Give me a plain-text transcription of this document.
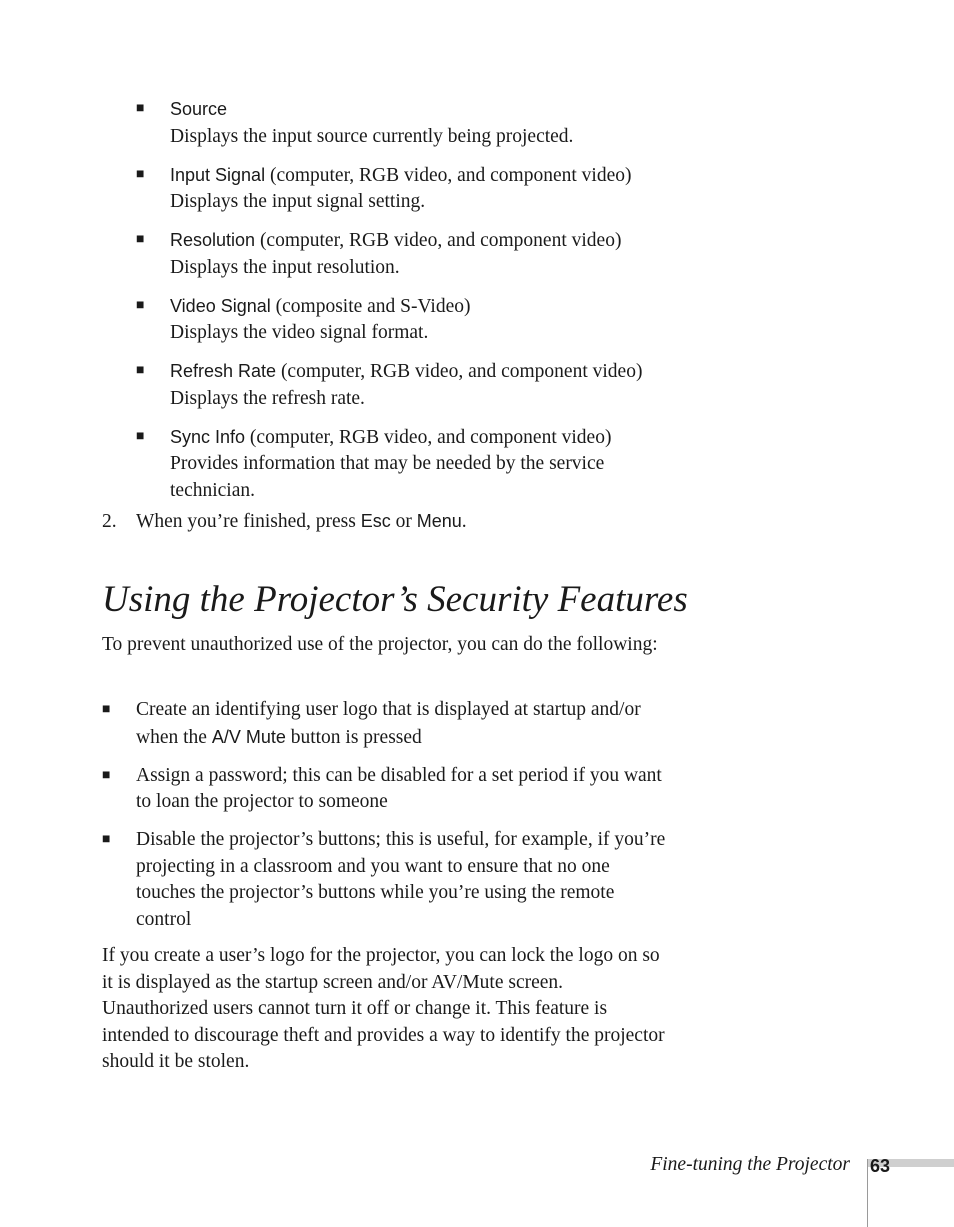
■ Source
Displays the input source currently being projected.
■ Input Signal (computer, RGB video, and component video)
Displays the input signal setting.
■ Resolution (computer, RGB video, and component video)
Displays the input resolution.
■ Video Signal (composite and S-Video)
Displays the video signal format.
■ Refresh Rate (computer, RGB video, and component video)
Displays the refresh rate.
■ Sync Info (computer, RGB video, and component video)
Provides information that may be needed by the service technician.
2. When you’re finished, press Esc or Menu.
Using the Projector’s Security Features

To prevent unauthorized use of the projector, you can do the following:

■ Create an identifying user logo that is displayed at startup and/or when the A/V Mute button is pressed
■ Assign a password; this can be disabled for a set period if you want to loan the projector to someone
■ Disable the projector’s buttons; this is useful, for example, if you’re projecting in a classroom and you want to ensure that no one touches the projector’s buttons while you’re using the remote control

If you create a user’s logo for the projector, you can lock the logo on so it is displayed as the startup screen and/or AV/Mute screen. Unauthorized users cannot turn it off or change it. This feature is intended to discourage theft and provides a way to identify the projector should it be stolen.

Fine-tuning the Projector 63
